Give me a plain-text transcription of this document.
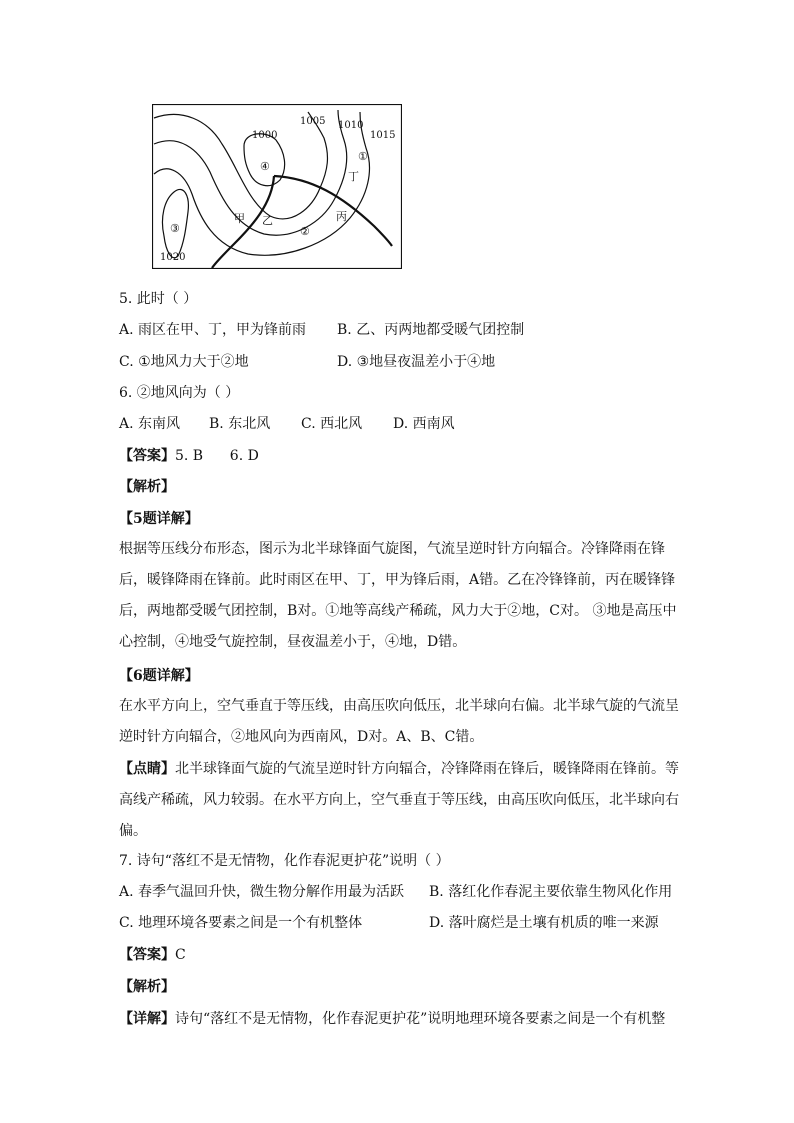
1000
1005 1010
1015
1020
①
②
③
④
甲 乙	丙
丁
5. 此时（ ）
A. 雨区在甲、丁，甲为锋前雨 B. 乙、丙两地都受暖气团控制
C. ①地风力大于②地	D. ③地昼夜温差小于④地
6. ②地风向为（ ）
A. 东南风 B. 东北风 C. 西北风 D. 西南风
【答案】5. B      6. D
【解析】
【5题详解】

根据等压线分布形态，图示为北半球锋面气旋图，气流呈逆时针方向辐合。冷锋降雨在锋后，暖锋降雨在锋前。此时雨区在甲、丁，甲为锋后雨，A错。乙在冷锋锋前，丙在暖锋锋后，两地都受暖气团控制，B对。①地等高线产稀疏，风力大于②地，C对。 ③地是高压中心控制，④地受气旋控制，昼夜温差小于，④地，D错。

【6题详解】

在水平方向上，空气垂直于等压线，由高压吹向低压，北半球向右偏。北半球气旋的气流呈逆时针方向辐合，②地风向为西南风，D对。A、B、C错。

【点睛】北半球锋面气旋的气流呈逆时针方向辐合，冷锋降雨在锋后，暖锋降雨在锋前。等高线产稀疏，风力较弱。在水平方向上，空气垂直于等压线，由高压吹向低压，北半球向右偏。

7. 诗句“落红不是无情物，化作春泥更护花”说明（ ）
A. 春季气温回升快，微生物分解作用最为活跃 B. 落红化作春泥主要依靠生物风化作用
C. 地理环境各要素之间是一个有机整体	D. 落叶腐烂是土壤有机质的唯一来源
【答案】C
【解析】
【详解】诗句“落红不是无情物，化作春泥更护花”说明地理环境各要素之间是一个有机整
